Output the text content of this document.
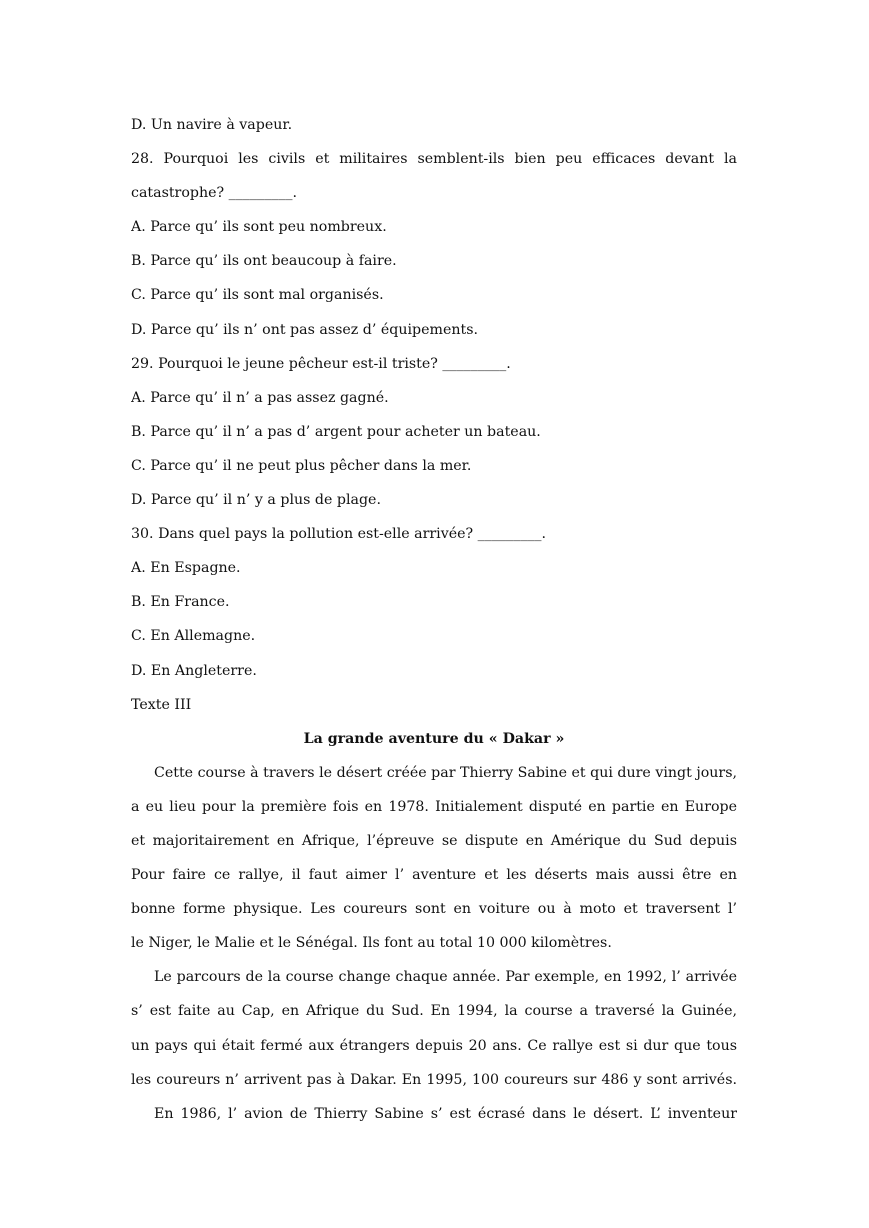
D. Un navire à vapeur.
28. Pourquoi les civils et militaires semblent-ils bien peu efficaces devant la
catastrophe? _________.
A. Parce qu’ ils sont peu nombreux.
B. Parce qu’ ils ont beaucoup à faire.
C. Parce qu’ ils sont mal organisés.
D. Parce qu’ ils n’ ont pas assez d’ équipements.
29. Pourquoi le jeune pêcheur est-il triste? _________.
A. Parce qu’ il n’ a pas assez gagné.
B. Parce qu’ il n’ a pas d’ argent pour acheter un bateau.
C. Parce qu’ il ne peut plus pêcher dans la mer.
D. Parce qu’ il n’ y a plus de plage.
30. Dans quel pays la pollution est-elle arrivée? _________.
A. En Espagne.
B. En France.
C. En Allemagne.
D. En Angleterre.
Texte III
La grande aventure du « Dakar »
Cette course à travers le désert créée par Thierry Sabine et qui dure vingt jours,
a eu lieu pour la première fois en 1978. Initialement disputé en partie en Europe
et majoritairement en Afrique, l’épreuve se dispute en Amérique du Sud depuis
Pour faire ce rallye, il faut aimer l’ aventure et les déserts mais aussi être en
bonne forme physique. Les coureurs sont en voiture ou à moto et traversent l’
le Niger, le Malie et le Sénégal. Ils font au total 10 000 kilomètres.
Le parcours de la course change chaque année. Par exemple, en 1992, l’ arrivée
s’ est faite au Cap, en Afrique du Sud. En 1994, la course a traversé la Guinée,
un pays qui était fermé aux étrangers depuis 20 ans. Ce rallye est si dur que tous
les coureurs n’ arrivent pas à Dakar. En 1995, 100 coureurs sur 486 y sont arrivés.
En 1986, l’ avion de Thierry Sabine s’ est écrasé dans le désert. L’ inventeur
